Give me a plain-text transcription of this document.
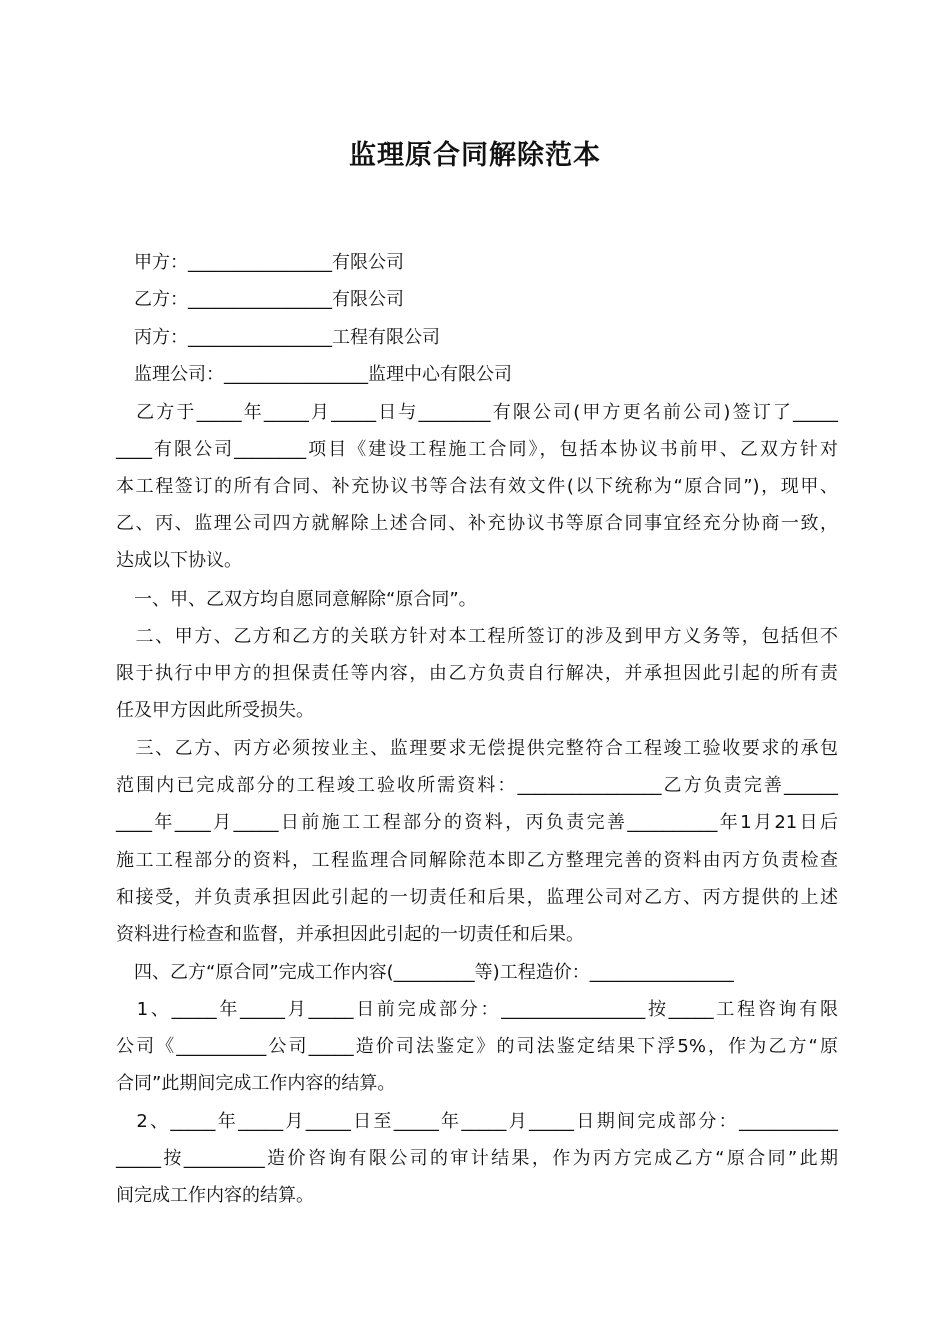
监理原合同解除范本
　甲方：________________有限公司
　乙方：________________有限公司
　丙方：________________工程有限公司
　监理公司：________________监理中心有限公司
　乙方于_____年_____月_____日与________有限公司(甲方更名前公司)签订了_____
____有限公司________项目《建设工程施工合同》，包括本协议书前甲、乙双方针对
本工程签订的所有合同、补充协议书等合法有效文件(以下统称为“原合同”)，现甲、
乙、丙、监理公司四方就解除上述合同、补充协议书等原合同事宜经充分协商一致，
达成以下协议。
　一、甲、乙双方均自愿同意解除“原合同”。
　二、甲方、乙方和乙方的关联方针对本工程所签订的涉及到甲方义务等，包括但不
限于执行中甲方的担保责任等内容，由乙方负责自行解决，并承担因此引起的所有责
任及甲方因此所受损失。
　三、乙方、丙方必须按业主、监理要求无偿提供完整符合工程竣工验收要求的承包
范围内已完成部分的工程竣工验收所需资料：________________乙方负责完善______
____年____月_____日前施工工程部分的资料，丙负责完善__________年1月21日后
施工工程部分的资料，工程监理合同解除范本即乙方整理完善的资料由丙方负责检查
和接受，并负责承担因此引起的一切责任和后果，监理公司对乙方、丙方提供的上述
资料进行检查和监督，并承担因此引起的一切责任和后果。
　四、乙方“原合同”完成工作内容(_________等)工程造价：________________
　1、_____年_____月_____日前完成部分：________________按_____工程咨询有限
公司《__________公司_____造价司法鉴定》的司法鉴定结果下浮5%，作为乙方“原
合同”此期间完成工作内容的结算。
　2、_____年_____月_____日至_____年_____月_____日期间完成部分：___________
_____按_________造价咨询有限公司的审计结果，作为丙方完成乙方“原合同”此期
间完成工作内容的结算。
